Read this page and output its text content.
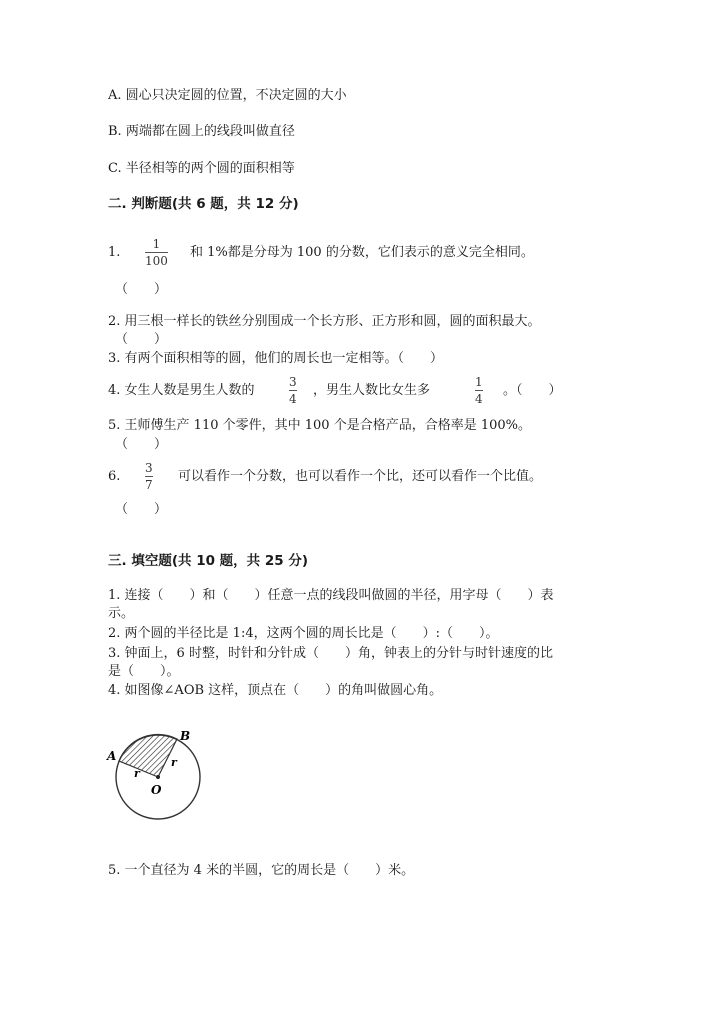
A. 圆心只决定圆的位置，不决定圆的大小
B. 两端都在圆上的线段叫做直径
C. 半径相等的两个圆的面积相等
二. 判断题(共 6 题，共 12 分)
1.
1
100
和 1%都是分母为 100 的分数，它们表示的意义完全相同。
（　　）
2. 用三根一样长的铁丝分别围成一个长方形、正方形和圆，圆的面积最大。
（　　）
3. 有两个面积相等的圆，他们的周长也一定相等。（　　）
4. 女生人数是男生人数的
3
4
，男生人数比女生多
1
4
。（　　）
5. 王师傅生产 110 个零件，其中 100 个是合格产品，合格率是 100%。
（　　）
6.
3
7
可以看作一个分数，也可以看作一个比，还可以看作一个比值。
（　　）
三. 填空题(共 10 题，共 25 分)
1. 连接（　　）和（　　）任意一点的线段叫做圆的半径，用字母（　　）表
示。
2. 两个圆的半径比是 1:4，这两个圆的周长比是（　　）:（　　）。
3. 钟面上，6 时整，时针和分针成（　　）角，钟表上的分针与时针速度的比
是（　　）。
4. 如图像∠AOB 这样，顶点在（　　）的角叫做圆心角。
A
B
r
r
O
5. 一个直径为 4 米的半圆，它的周长是（　　）米。
